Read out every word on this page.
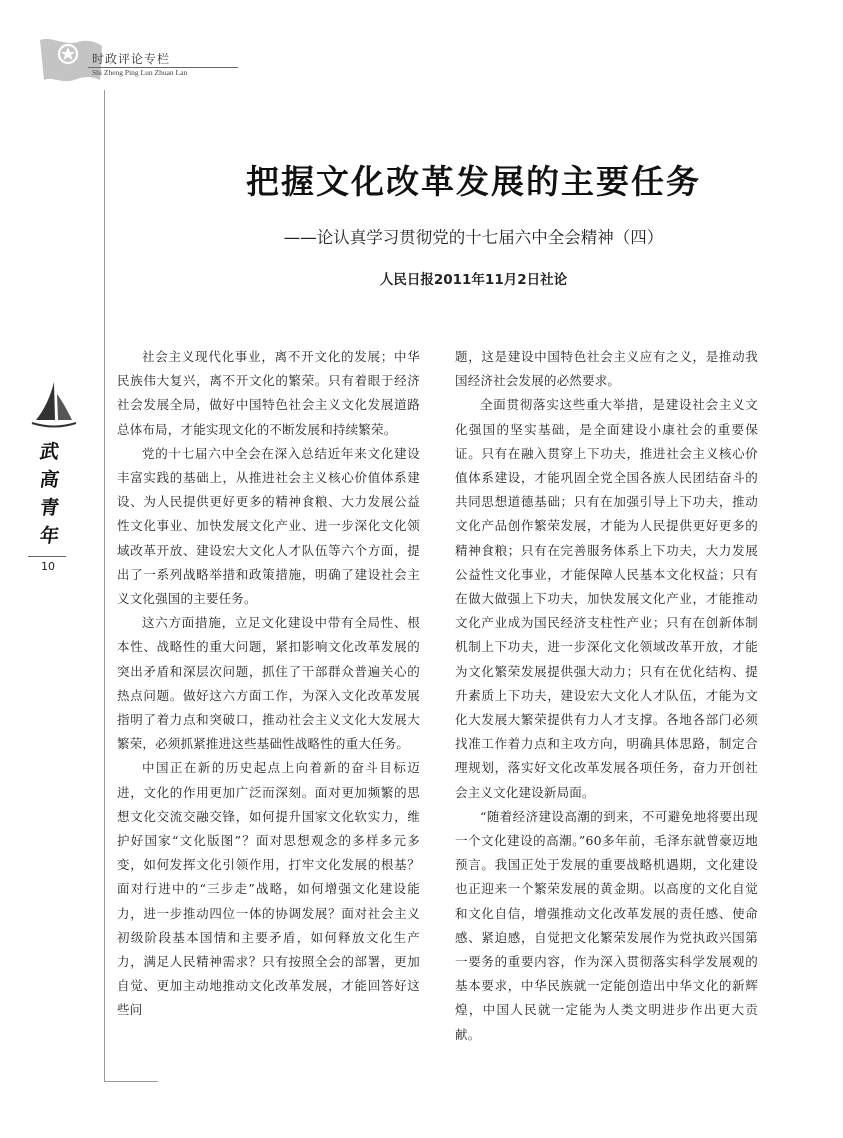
时政评论专栏
Shi Zheng Ping Lun Zhuan Lan
武
高
青
年
10
把握文化改革发展的主要任务
——论认真学习贯彻党的十七届六中全会精神（四）
人民日报2011年11月2日社论

社会主义现代化事业，离不开文化的发展；中华民族伟大复兴，离不开文化的繁荣。只有着眼于经济社会发展全局，做好中国特色社会主义文化发展道路总体布局，才能实现文化的不断发展和持续繁荣。

党的十七届六中全会在深入总结近年来文化建设丰富实践的基础上，从推进社会主义核心价值体系建设、为人民提供更好更多的精神食粮、大力发展公益性文化事业、加快发展文化产业、进一步深化文化领域改革开放、建设宏大文化人才队伍等六个方面，提出了一系列战略举措和政策措施，明确了建设社会主义文化强国的主要任务。

这六方面措施，立足文化建设中带有全局性、根本性、战略性的重大问题，紧扣影响文化改革发展的突出矛盾和深层次问题，抓住了干部群众普遍关心的热点问题。做好这六方面工作，为深入文化改革发展指明了着力点和突破口，推动社会主义文化大发展大繁荣，必须抓紧推进这些基础性战略性的重大任务。

中国正在新的历史起点上向着新的奋斗目标迈进，文化的作用更加广泛而深刻。面对更加频繁的思想文化交流交融交锋，如何提升国家文化软实力，维护好国家“文化版图”？面对思想观念的多样多元多变，如何发挥文化引领作用，打牢文化发展的根基？面对行进中的“三步走”战略，如何增强文化建设能力，进一步推动四位一体的协调发展？面对社会主义初级阶段基本国情和主要矛盾，如何释放文化生产力，满足人民精神需求？只有按照全会的部署，更加自觉、更加主动地推动文化改革发展，才能回答好这些问

题，这是建设中国特色社会主义应有之义，是推动我国经济社会发展的必然要求。

全面贯彻落实这些重大举措，是建设社会主义文化强国的坚实基础，是全面建设小康社会的重要保证。只有在融入贯穿上下功夫，推进社会主义核心价值体系建设，才能巩固全党全国各族人民团结奋斗的共同思想道德基础；只有在加强引导上下功夫，推动文化产品创作繁荣发展，才能为人民提供更好更多的精神食粮；只有在完善服务体系上下功夫，大力发展公益性文化事业，才能保障人民基本文化权益；只有在做大做强上下功夫，加快发展文化产业，才能推动文化产业成为国民经济支柱性产业；只有在创新体制机制上下功夫，进一步深化文化领域改革开放，才能为文化繁荣发展提供强大动力；只有在优化结构、提升素质上下功夫，建设宏大文化人才队伍，才能为文化大发展大繁荣提供有力人才支撑。各地各部门必须找准工作着力点和主攻方向，明确具体思路，制定合理规划，落实好文化改革发展各项任务，奋力开创社会主义文化建设新局面。

“随着经济建设高潮的到来，不可避免地将要出现一个文化建设的高潮。”60多年前，毛泽东就曾豪迈地预言。我国正处于发展的重要战略机遇期，文化建设也正迎来一个繁荣发展的黄金期。以高度的文化自觉和文化自信，增强推动文化改革发展的责任感、使命感、紧迫感，自觉把文化繁荣发展作为党执政兴国第一要务的重要内容，作为深入贯彻落实科学发展观的基本要求，中华民族就一定能创造出中华文化的新辉煌，中国人民就一定能为人类文明进步作出更大贡献。
